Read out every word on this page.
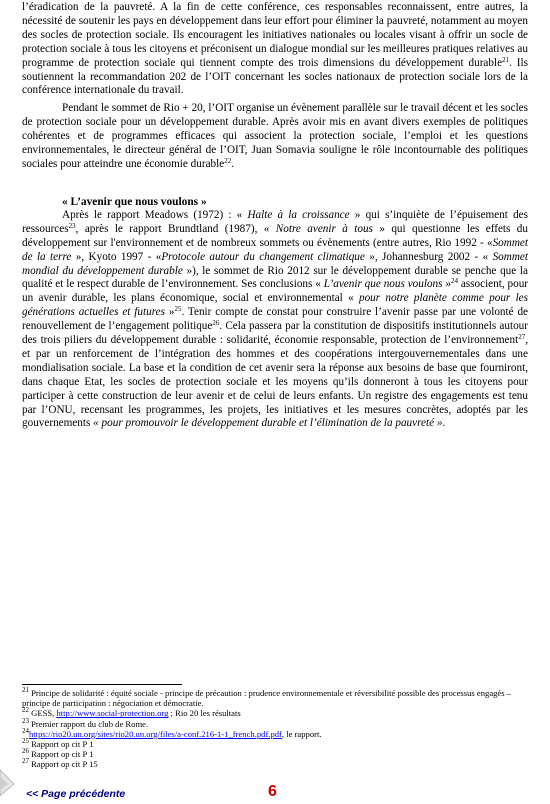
l’éradication de la pauvreté. A la fin de cette conférence, ces responsables reconnaissent, entre autres, la nécessité de soutenir les pays en développement dans leur effort pour éliminer la pauvreté, notamment au moyen des socles de protection sociale. Ils encouragent les initiatives nationales ou locales visant à offrir un socle de protection sociale à tous les citoyens et préconisent un dialogue mondial sur les meilleures pratiques relatives au programme de protection sociale qui tiennent compte des trois dimensions du développement durable$^{21}$. Ils soutiennent la recommandation 202 de l’OIT concernant les socles nationaux de protection sociale lors de la conférence internationale du travail.

Pendant le sommet de Rio + 20, l’OIT organise un évènement parallèle sur le travail décent et les socles de protection sociale pour un développement durable. Après avoir mis en avant divers exemples de politiques cohérentes et de programmes efficaces qui associent la protection sociale, l’emploi et les questions environnementales, le directeur général de l’OIT, Juan Somavia souligne le rôle incontournable des politiques sociales pour atteindre une économie durable$^{22}$.

« L’avenir que nous voulons »

Après le rapport Meadows (1972) : « Halte à la croissance » qui s’inquiète de l’épuisement des ressources$^{23}$, après le rapport Brundtland (1987), « Notre avenir à tous » qui questionne les effets du développement sur l'environnement et de nombreux sommets ou évènements (entre autres, Rio 1992 - «Sommet de la terre », Kyoto 1997 - «Protocole autour du changement climatique », Johannesburg 2002 - « Sommet mondial du développement durable »), le sommet de Rio 2012 sur le développement durable se penche que la qualité et le respect durable de l’environnement. Ses conclusions « L’avenir que nous voulons »$^{24}$ associent, pour un avenir durable, les plans économique, social et environnemental « pour notre planète comme pour les générations actuelles et futures »$^{25}$. Tenir compte de constat pour construire l’avenir passe par une volonté de renouvellement de l’engagement politique$^{26}$. Cela passera par la constitution de dispositifs institutionnels autour des trois piliers du développement durable : solidarité, économie responsable, protection de l’environnement$^{27}$, et par un renforcement de l’intégration des hommes et des coopérations intergouvernementales dans une mondialisation sociale. La base et la condition de cet avenir sera la réponse aux besoins de base que fourniront, dans chaque Etat, les socles de protection sociale et les moyens qu’ils donneront à tous les citoyens pour participer à cette construction de leur avenir et de celui de leurs enfants. Un registre des engagements est tenu par l’ONU, recensant les programmes, les projets, les initiatives et les mesures concrètes, adoptés par les gouvernements « pour promouvoir le développement durable et l’élimination de la pauvreté ».

$^{21}$ Principe de solidarité : équité sociale - principe de précaution : prudence environnementale et réversibilité possible des processus engagés – principe de participation : négociation et démocratie.

$^{22}$ GESS, http://www.social-protection.org ; Rio 20 les résultats

$^{23}$ Premier rapport du club de Rome.

$^{24}$https://rio20.un.org/sites/rio20.un.org/files/a-conf.216-1-1_french.pdf.pdf, le rapport.

$^{25}$ Rapport op cit P 1

$^{26}$ Rapport op cit P 1

$^{27}$ Rapport op cit P 15

<< Page précédente	6
